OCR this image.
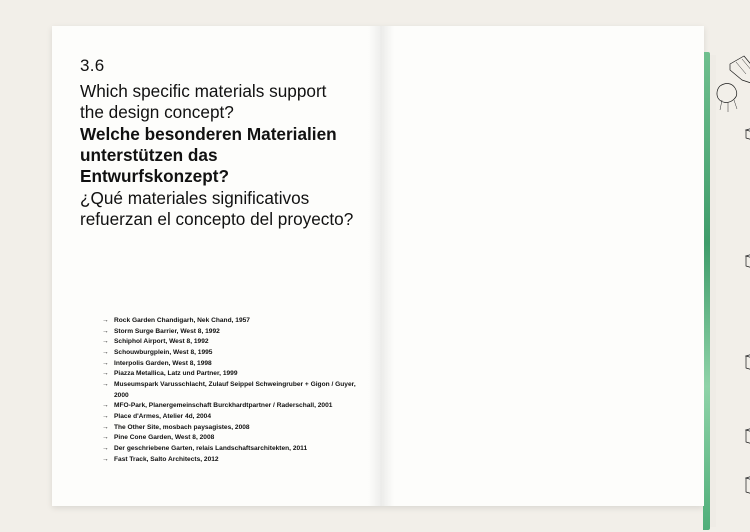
3.6
Which specific materials support
the design concept?
Welche besonderen Materialien
unterstützen das Entwurfskonzept?
¿Qué materiales significativos
refuerzan el concepto del proyecto?
→ Rock Garden Chandigarh, Nek Chand, 1957
→ Storm Surge Barrier, West 8, 1992
→ Schiphol Airport, West 8, 1992
→ Schouwburgplein, West 8, 1995
→ Interpolis Garden, West 8, 1998
→ Piazza Metallica, Latz und Partner, 1999
→ Museumspark Varusschlacht, Zulauf Seippel Schweingruber + Gigon / Guyer, 2000
→ MFO-Park, Planergemeinschaft Burckhardtpartner / Raderschall, 2001
→ Place d'Armes, Atelier 4d, 2004
→ The Other Site, mosbach paysagistes, 2008
→ Pine Cone Garden, West 8, 2008
→ Der geschriebene Garten, relais Landschaftsarchitekten, 2011
→ Fast Track, Salto Architects, 2012
